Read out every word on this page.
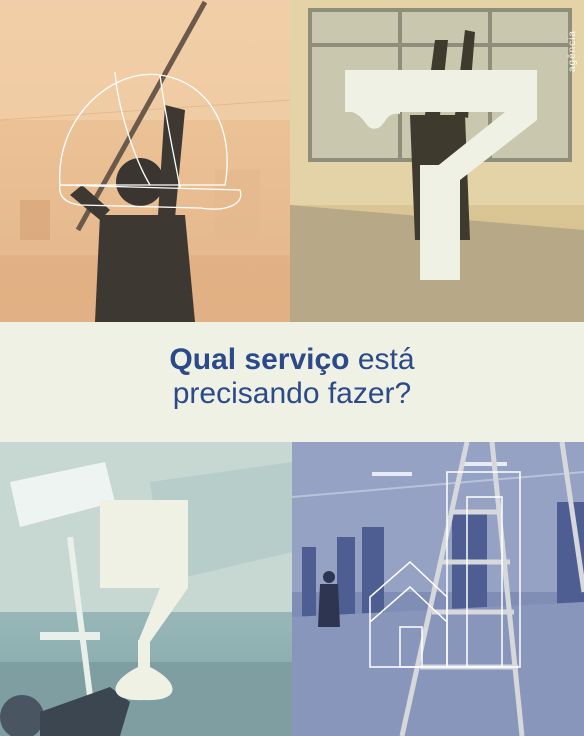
agência
Qual serviço está
precisando fazer?
